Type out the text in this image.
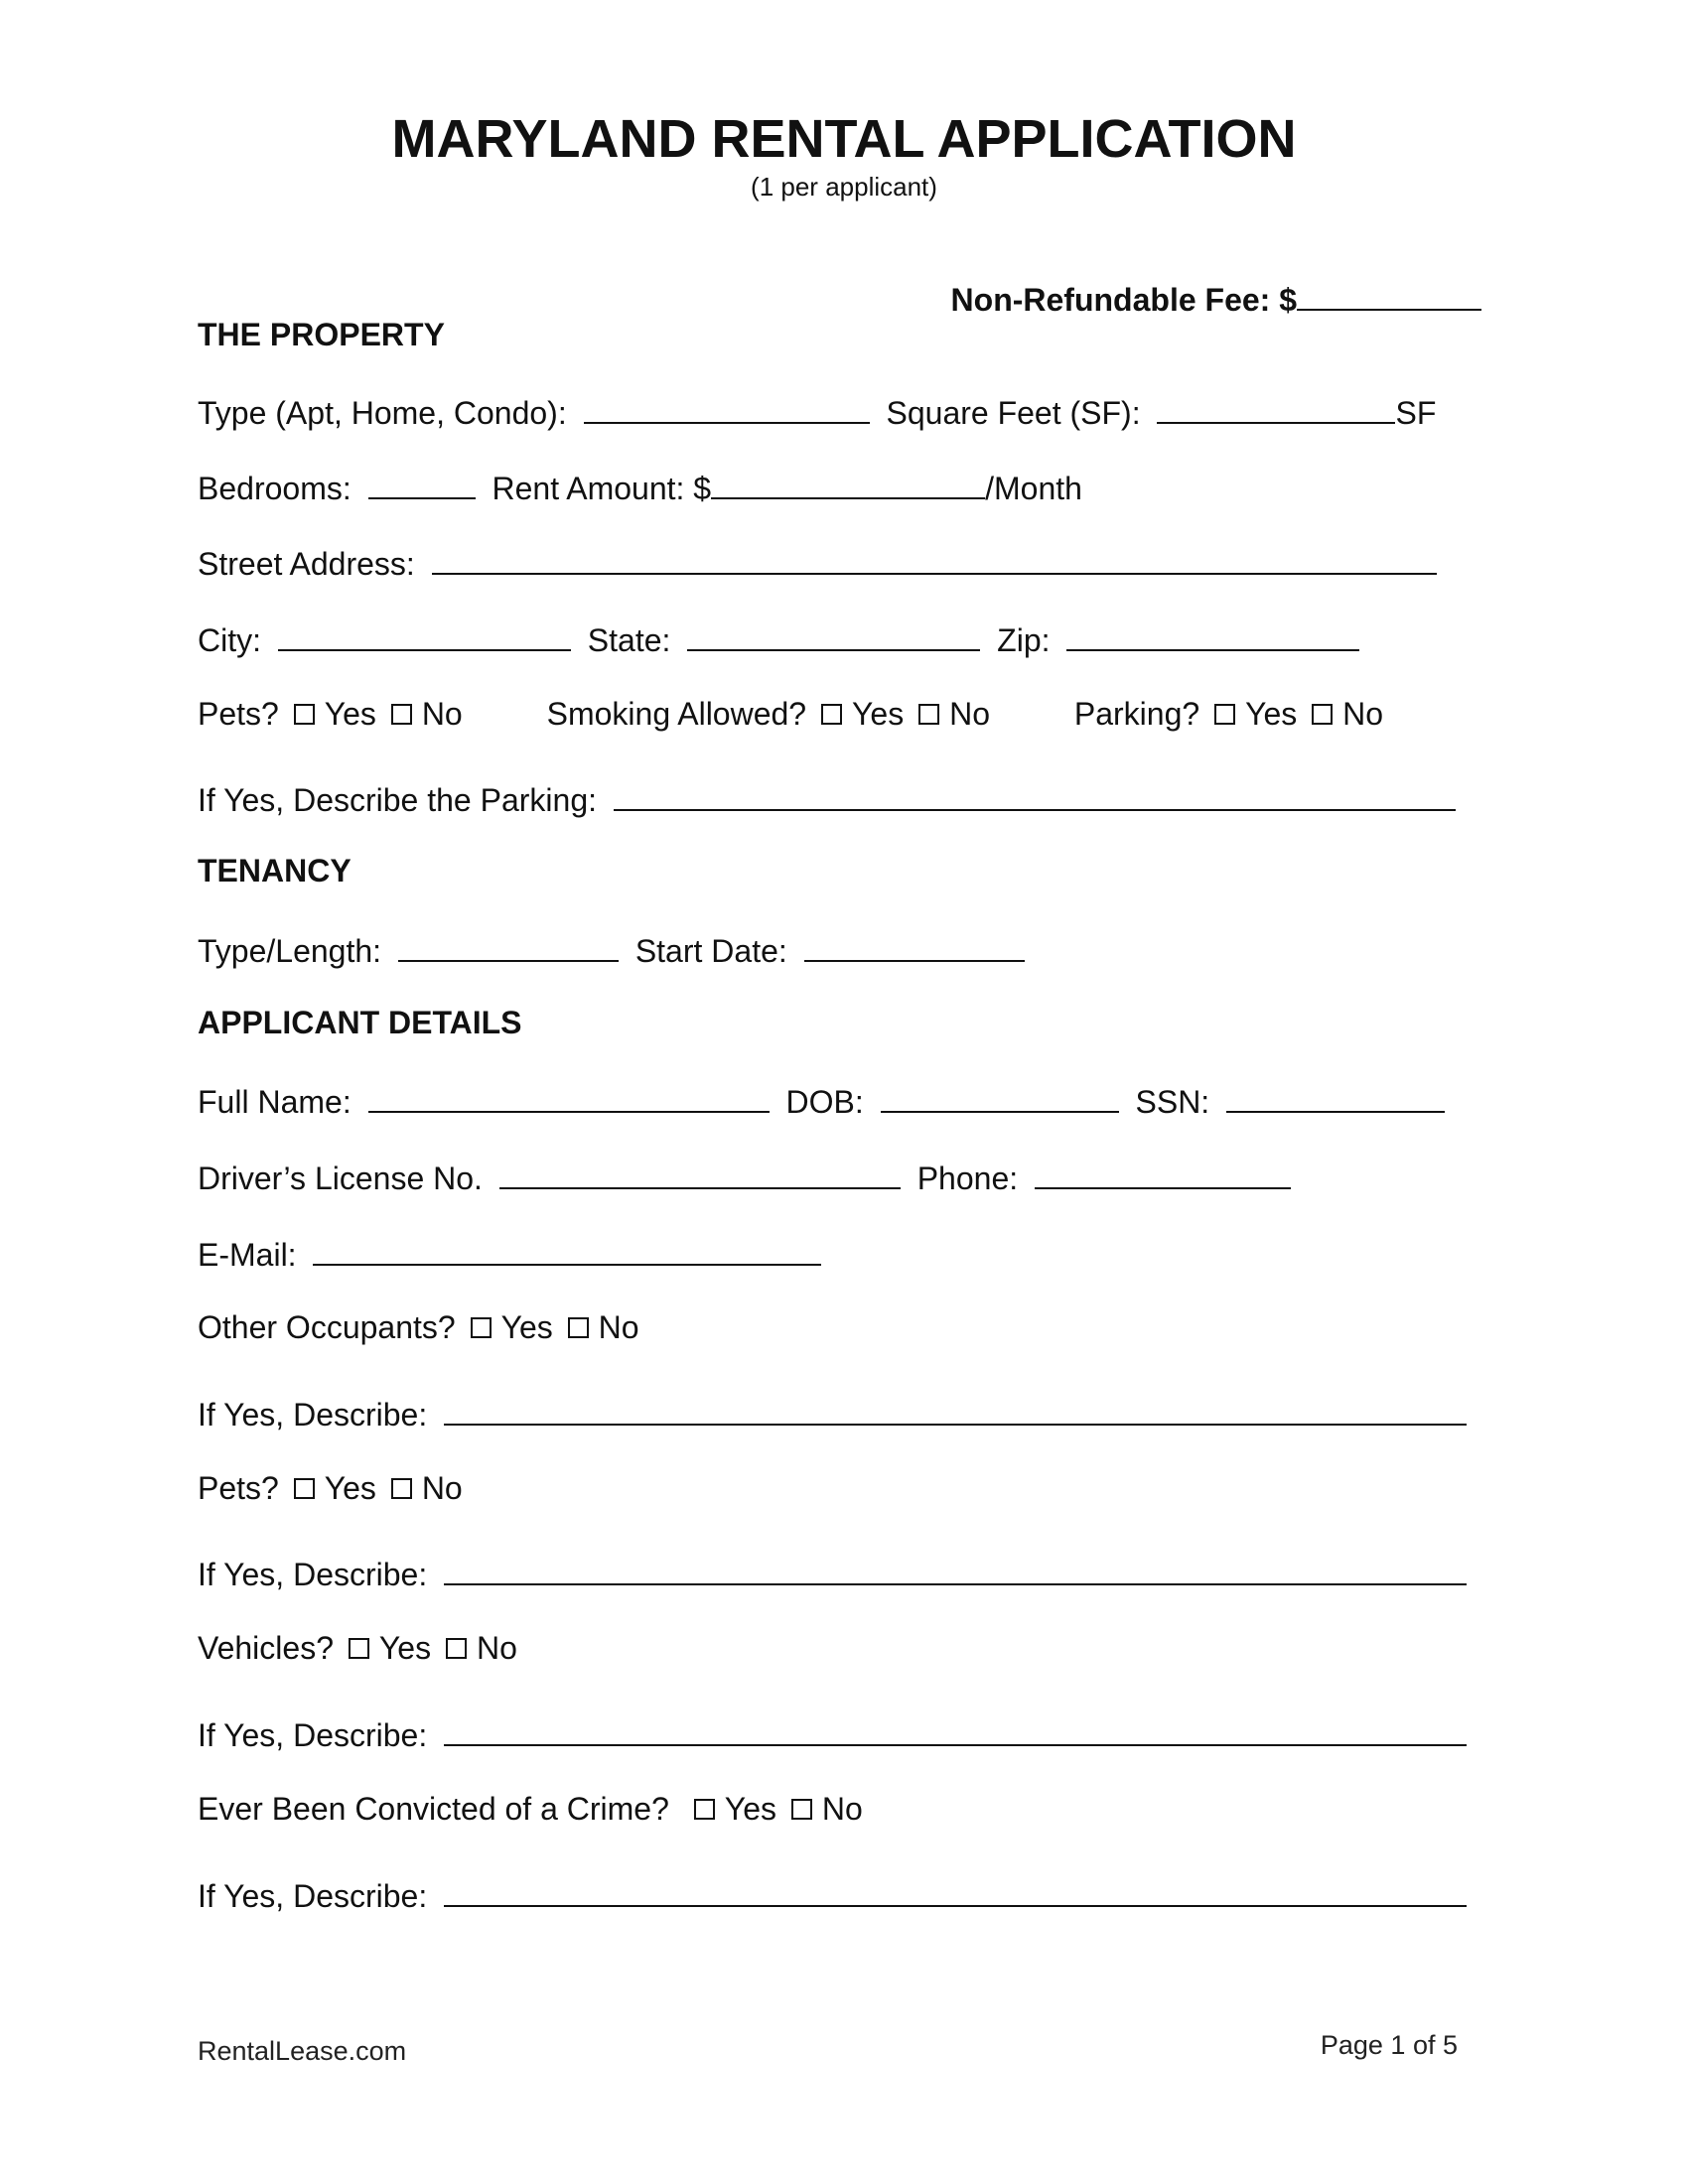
MARYLAND RENTAL APPLICATION
(1 per applicant)
Non-Refundable Fee: $
THE PROPERTY
Type (Apt, Home, Condo):	Square Feet (SF):	SF
Bedrooms:	Rent Amount: $	/Month
Street Address:
City:	State:	Zip:
Pets? Yes No	Smoking Allowed? Yes No	Parking? Yes No
If Yes, Describe the Parking:
TENANCY
Type/Length:	Start Date:
APPLICANT DETAILS
Full Name:	DOB:	SSN:
Driver’s License No.	Phone:
E-Mail:
Other Occupants? Yes No
If Yes, Describe:
Pets? Yes No
If Yes, Describe:
Vehicles? Yes No
If Yes, Describe:
Ever Been Convicted of a Crime? Yes No
If Yes, Describe:
RentalLease.com	Page 1 of 5
